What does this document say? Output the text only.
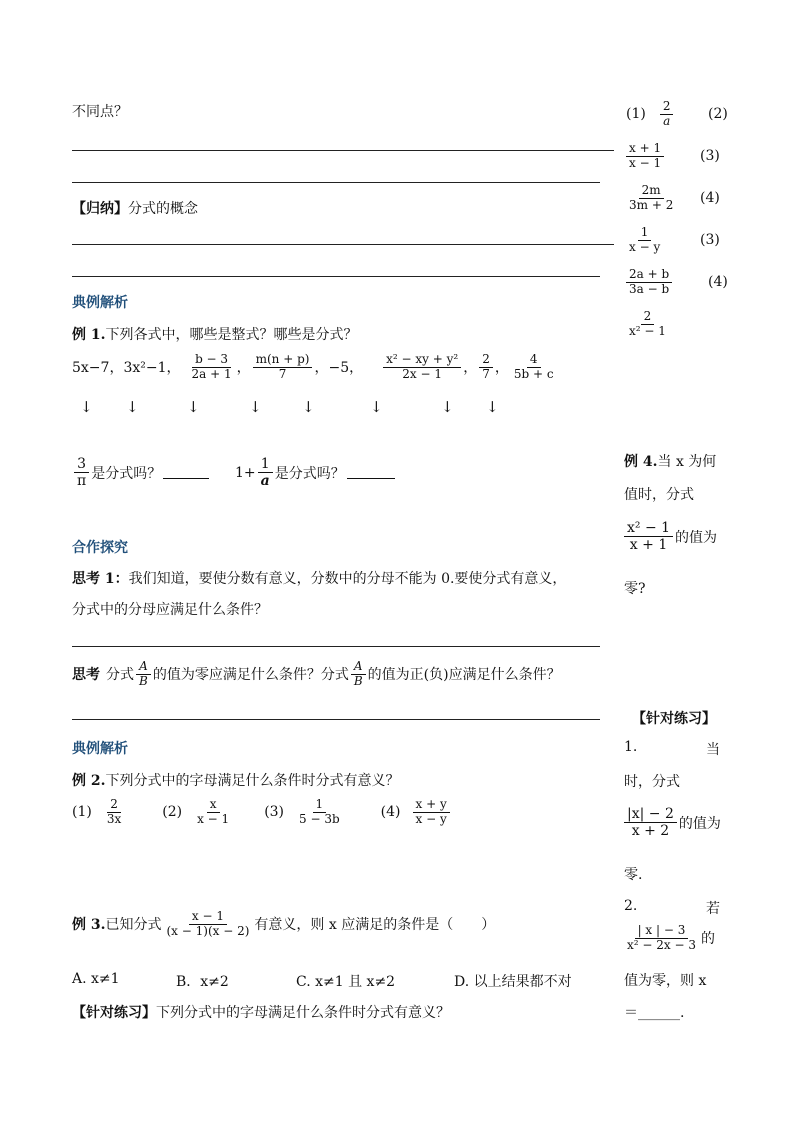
不同点？
【归纳】分式的概念
典例解析
例 1.下列各式中，哪些是整式？哪些是分式？
5x−7， 3x²−1， $\frac{b - 3}{2a + 1}$ ， $\frac{m(n + p)}{7}$ ， −5， $\frac{\text{x² − xy + y²}}{2x - 1}$ ， $\frac{2}{7}$ ， $\frac{4}{5b + c}$
↓ ↓	↓	↓	↓	↓	↓ ↓
$\frac{3}{\pi}$ 是分式吗？	$1+ \frac{1}{a}$ 是分式吗？
合作探究
思考 1：我们知道，要使分数有意义，分数中的分母不能为 0.要使分式有意义，
分式中的分母应满足什么条件？
思考 分式 $\frac{A}{B}$ 的值为零应满足什么条件？分式 $\frac{A}{B}$ 的值为正(负)应满足什么条件？
典例解析
例 2.下列分式中的字母满足什么条件时分式有意义？
$(1) \frac{2}{3x}$	$(2) \frac{x}{x - 1} (3) \frac{1}{5 - 3b}$	$(4) \frac{x + y}{x - y}$
例 3. 已知分式 $\frac{x - 1}{(x - 1)(x - 2)}$ 有意义，则 x 应满足的条件是（　　）
A. x≠1	B．x≠2	C. x≠1 且 x≠2	D. 以上结果都不对
【针对练习】下列分式中的字母满足什么条件时分式有意义？
$(1) \frac{2}{a} (2)$
$\frac{x + 1}{x - 1}$	(3)
$\frac{2m}{3m + 2} (4)$
$\frac{1}{x - y}$	(3)
$\frac{2a + b}{3a - b}$	(4)
$\frac{2}{\text{x² − 1}}$
例 4.当 x 为何
值时，分式
$\frac{\text{x² − 1}}{x + 1}$ 的值为
零?
【针对练习】
1.	当
时，分式
$\frac{|x| - 2}{x + 2}$ 的值为
零.
2.	若
$\frac{| x | - 3}{\text{x² − 2x − 3}}$ 的
值为零，则 x
＝______.
